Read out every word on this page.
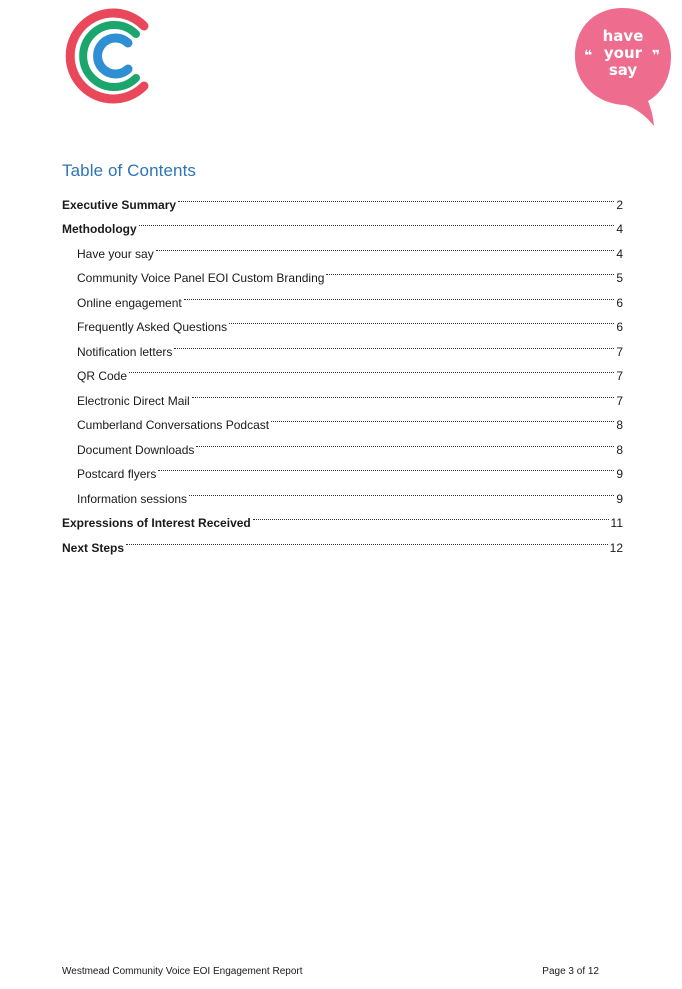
have
your
say
❝	❞
Table of Contents
Executive Summary	2
Methodology	4
Have your say	4
Community Voice Panel EOI Custom Branding	5
Online engagement	6
Frequently Asked Questions	6
Notification letters	7
QR Code	7
Electronic Direct Mail	7
Cumberland Conversations Podcast	8
Document Downloads	8
Postcard flyers	9
Information sessions	9
Expressions of Interest Received	11
Next Steps	12
Westmead Community Voice EOI Engagement Report	Page 3 of 12
